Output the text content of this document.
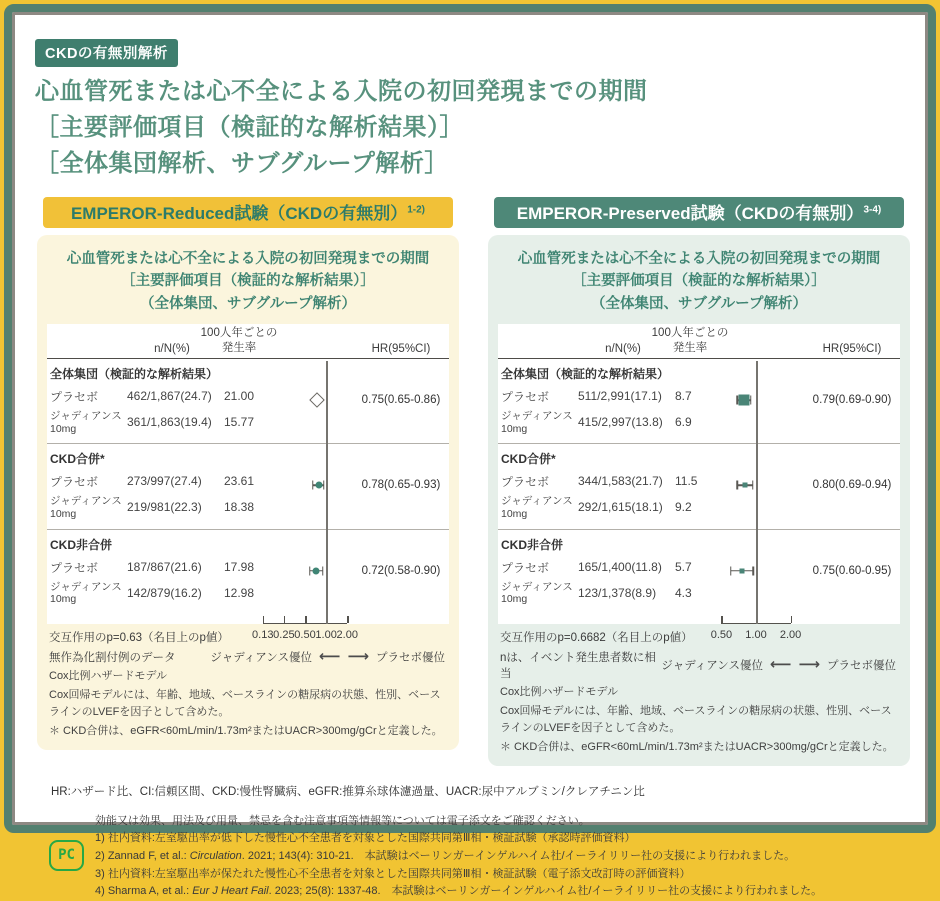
CKDの有無別解析
心血管死または心不全による入院の初回発現までの期間
［主要評価項目（検証的な解析結果）］
［全体集団解析、サブグループ解析］
EMPEROR-Reduced試験（CKDの有無別）$^{1-2)}$
心血管死または心不全による入院の初回発現までの期間
［主要評価項目（検証的な解析結果）］
（全体集団、サブグループ解析）
n/N(%)
100人年ごとの
発生率	HR(95%CI)
全体集団（検証的な解析結果）
プラセボ	462/1,867(24.7)	21.00
ジャディアンス
10mg	361/1,863(19.4)	15.77
0.75(0.65-0.86)
CKD合併*
プラセボ	273/997(27.4)	23.61
ジャディアンス
10mg	219/981(22.3)	18.38
0.78(0.65-0.93)
CKD非合併
プラセボ	187/867(21.6)	17.98
ジャディアンス
10mg	142/879(16.2)	12.98
0.72(0.58-0.90)
交互作用のp=0.63（名目上のp値） 0.13 0.25 0.50 1.00 2.00
無作為化割付例のデータ	ジャディアンス優位 ⟵ ⟶ プラセボ優位
Cox比例ハザードモデル
Cox回帰モデルには、年齢、地域、ベースラインの糖尿病の状態、性別、ベースラインのLVEFを因子として含めた。
＊ CKD合併は、eGFR<60mL/min/1.73m²またはUACR>300mg/gCrと定義した。
EMPEROR-Preserved試験（CKDの有無別）$^{3-4)}$
心血管死または心不全による入院の初回発現までの期間
［主要評価項目（検証的な解析結果）］
（全体集団、サブグループ解析）
n/N(%)
100人年ごとの
発生率	HR(95%CI)
全体集団（検証的な解析結果）
プラセボ	511/2,991(17.1)	8.7
ジャディアンス
10mg	415/2,997(13.8)	6.9
0.79(0.69-0.90)
CKD合併*
プラセボ	344/1,583(21.7)	11.5
ジャディアンス
10mg	292/1,615(18.1)	9.2
0.80(0.69-0.94)
CKD非合併
プラセボ	165/1,400(11.8)	5.7
ジャディアンス
10mg	123/1,378(8.9)	4.3
0.75(0.60-0.95)
交互作用のp=0.6682（名目上のp値） 0.50 1.00 2.00
nは、イベント発生患者数に相当
ジャディアンス優位 ⟵ ⟶ プラセボ優位
Cox比例ハザードモデル
Cox回帰モデルには、年齢、地域、ベースラインの糖尿病の状態、性別、ベースラインのLVEFを因子として含めた。
＊ CKD合併は、eGFR<60mL/min/1.73m²またはUACR>300mg/gCrと定義した。
HR:ハザード比、CI:信頼区間、CKD:慢性腎臓病、eGFR:推算糸球体濾過量、UACR:尿中アルブミン/クレアチニン比
PC
効能又は効果、用法及び用量、禁忌を含む注意事項等情報等については電子添文をご確認ください。
1) 社内資料:左室駆出率が低下した慢性心不全患者を対象とした国際共同第Ⅲ相・検証試験（承認時評価資料）
2) Zannad F, et al.: Circulation. 2021; 143(4): 310-21.　本試験はベーリンガーインゲルハイム社/イーライリリー社の支援により行われました。
3) 社内資料:左室駆出率が保たれた慢性心不全患者を対象とした国際共同第Ⅲ相・検証試験（電子添文改訂時の評価資料）
4) Sharma A, et al.: Eur J Heart Fail. 2023; 25(8): 1337-48.　本試験はベーリンガーインゲルハイム社/イーライリリー社の支援により行われました。
